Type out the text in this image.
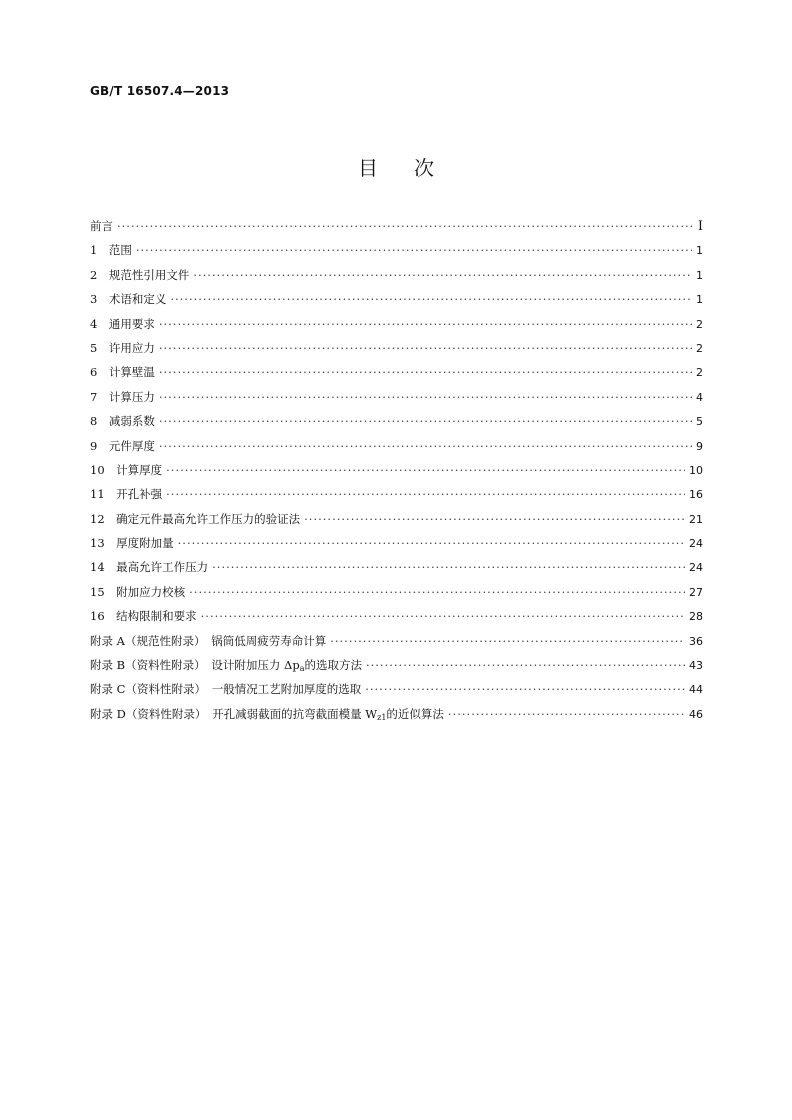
GB/T 16507.4—2013
目次
前言 ·····	I
1　范围 ·····	1
2　规范性引用文件 ·····	1
3　术语和定义 ·····	1
4　通用要求 ·····	2
5　许用应力 ·····	2
6　计算壁温 ·····	2
7　计算压力 ·····	4
8　减弱系数 ·····	5
9　元件厚度 ·····	9
10　计算厚度 ·····	10
11　开孔补强 ·····	16
12　确定元件最高允许工作压力的验证法 ·····	21
13　厚度附加量 ·····	24
14　最高允许工作压力 ·····	24
15　附加应力校核 ·····	27
16　结构限制和要求 ·····	28
附录 A（规范性附录）　锅筒低周疲劳寿命计算 ·····	36
附录 B（资料性附录）　设计附加压力 $\Delta p_a$的选取方法 ·····	43
附录 C（资料性附录）　一般情况工艺附加厚度的选取 ·····	44
附录 D（资料性附录）　开孔减弱截面的抗弯截面模量 $W_{z1}$的近似算法 ·····	46
